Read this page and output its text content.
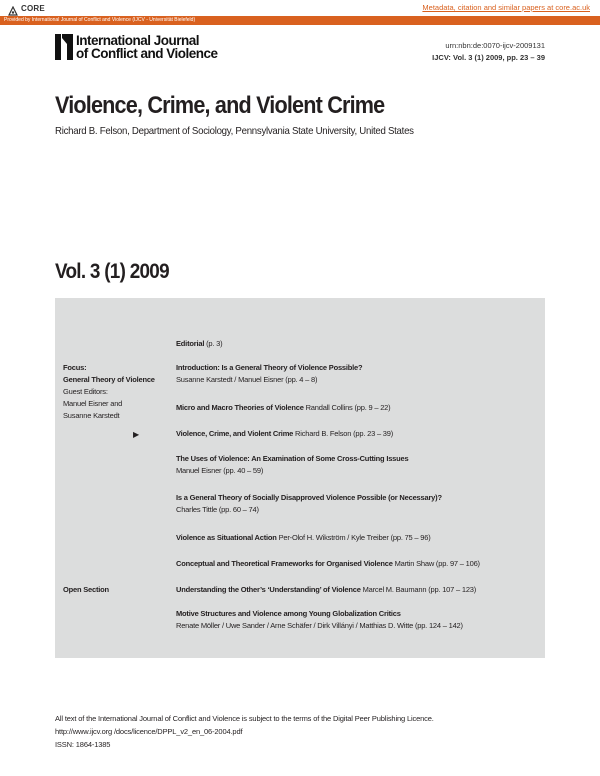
CORE	Metadata, citation and similar papers at core.ac.uk
Provided by International Journal of Conflict and Violence (IJCV - Universität Bielefeld)
International Journal
of Conflict and Violence
urn:nbn:de:0070-ijcv-2009131
IJCV: Vol. 3 (1) 2009, pp. 23 – 39
Violence, Crime, and Violent Crime

Richard B. Felson, Department of Sociology, Pennsylvania State University, United States

Vol. 3 (1) 2009
Focus:
General Theory of Violence
Guest Editors:
Manuel Eisner and
Susanne Karstedt
Open Section
Editorial (p. 3)
Introduction: Is a General Theory of Violence Possible?
Susanne Karstedt / Manuel Eisner (pp. 4 – 8)
Micro and Macro Theories of Violence Randall Collins (pp. 9 – 22)
Violence, Crime, and Violent Crime Richard B. Felson (pp. 23 – 39)
The Uses of Violence: An Examination of Some Cross-Cutting Issues
Manuel Eisner (pp. 40 – 59)
Is a General Theory of Socially Disapproved Violence Possible (or Necessary)?
Charles Tittle (pp. 60 – 74)
Violence as Situational Action Per-Olof H. Wikström / Kyle Treiber (pp. 75 – 96)
Conceptual and Theoretical Frameworks for Organised Violence Martin Shaw (pp. 97 – 106)
Understanding the Other’s ‘Understanding’ of Violence Marcel M. Baumann (pp. 107 – 123)
Motive Structures and Violence among Young Globalization Critics
Renate Möller / Uwe Sander / Arne Schäfer / Dirk Villányi / Matthias D. Witte (pp. 124 – 142)
▶
All text of the International Journal of Conflict and Violence is subject to the terms of the Digital Peer Publishing Licence.
http://www.ijcv.org /docs/licence/DPPL_v2_en_06-2004.pdf
ISSN: 1864-1385
